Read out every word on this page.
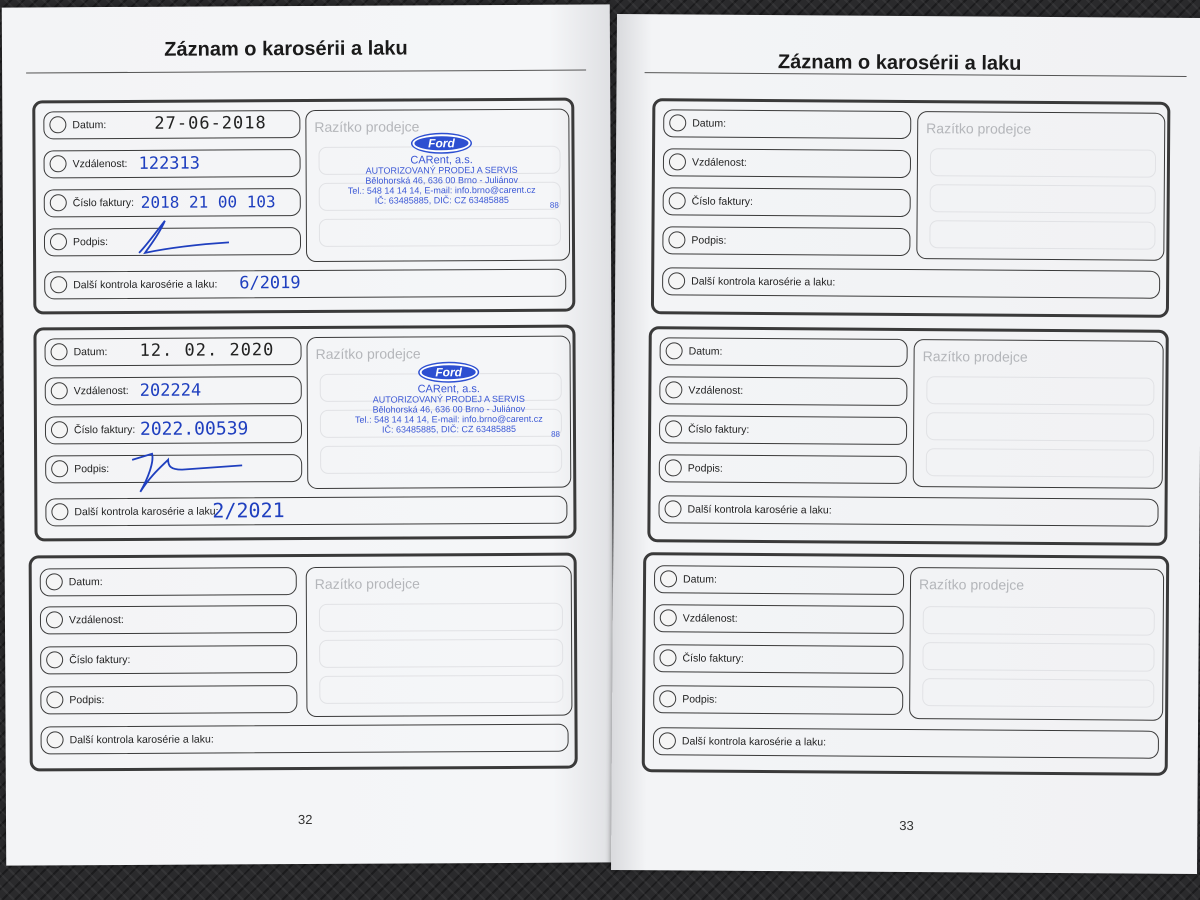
Záznam o karosérii a laku
Datum:	27-06-2018
Vzdálenost: 122313
Číslo faktury: 2018 21 00 103
Podpis:
Další kontrola karosérie a laku: 6/2019
Razítko prodejce
Ford
CARent, a.s.
AUTORIZOVANÝ PRODEJ A SERVIS
Bělohorská 46, 636 00 Brno - Juliánov
Tel.: 548 14 14 14, E-mail: info.brno@carent.cz
IČ: 63485885, DIČ: CZ 63485885	88
Datum: 12. 02. 2020
Vzdálenost: 202224
Číslo faktury: 2022.00539
Podpis:
Další kontrola karosérie a laku:
2/2021
Razítko prodejce
Ford
CARent, a.s.
AUTORIZOVANÝ PRODEJ A SERVIS
Bělohorská 46, 636 00 Brno - Juliánov
Tel.: 548 14 14 14, E-mail: info.brno@carent.cz
IČ: 63485885, DIČ: CZ 63485885	88
Datum:
Vzdálenost:
Číslo faktury:
Podpis:
Další kontrola karosérie a laku:
Razítko prodejce
32
Záznam o karosérii a laku
Datum:
Vzdálenost:
Číslo faktury:
Podpis:
Další kontrola karosérie a laku:
Razítko prodejce
Datum:
Vzdálenost:
Číslo faktury:
Podpis:
Další kontrola karosérie a laku:
Razítko prodejce
Datum:
Vzdálenost:
Číslo faktury:
Podpis:
Další kontrola karosérie a laku:
Razítko prodejce
33
